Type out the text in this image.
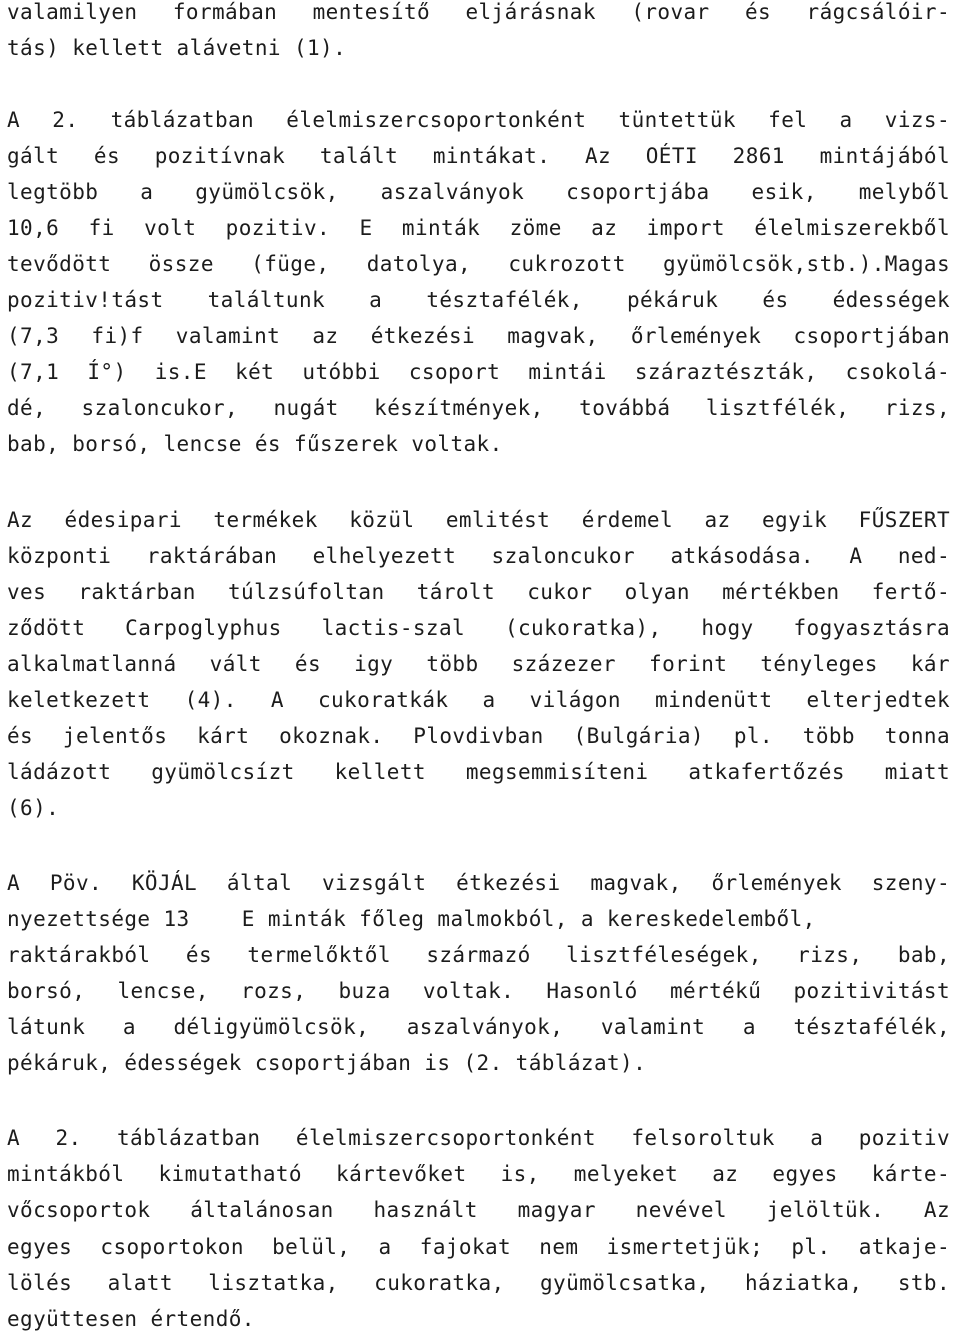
valamilyen formában mentesítő eljárásnak (rovar és rágcsálóir-
tás) kellett alávetni (1).
A 2. táblázatban élelmiszercsoportonként tüntettük fel a vizs-
gált és pozitívnak talált mintákat. Az OÉTI 2861 mintájából
legtöbb a gyümölcsök, aszalványok csoportjába esik, melyből
10,6 fi volt pozitiv. E minták zöme az import élelmiszerekből
tevődött össze (füge, datolya, cukrozott gyümölcsök,stb.).Magas
pozitiv!tást találtunk a tésztafélék, pékáruk és édességek
(7,3 fi)f valamint az étkezési magvak, őrlemények csoportjában
(7,1 Í°) is.E két utóbbi csoport mintái száraztészták, csokolá-
dé, szaloncukor, nugát készítmények, továbbá lisztfélék, rizs,
bab, borsó, lencse és fűszerek voltak.
Az édesipari termékek közül emlitést érdemel az egyik FŰSZERT
központi raktárában elhelyezett szaloncukor atkásodása. A ned-
ves raktárban túlzsúfoltan tárolt cukor olyan mértékben fertő-
ződött Carpoglyphus lactis-szal (cukoratka), hogy fogyasztásra
alkalmatlanná vált és igy több százezer forint tényleges kár
keletkezett (4). A cukoratkák a világon mindenütt elterjedtek
és jelentős kárt okoznak. Plovdivban (Bulgária) pl. több tonna
ládázott gyümölcsízt kellett megsemmisíteni atkafertőzés miatt
(6).
A Pöv. KÖJÁL által vizsgált étkezési magvak, őrlemények szeny-
nyezettsége 13    E minták főleg malmokból, a kereskedelemből,
raktárakból és termelőktől származó lisztféleségek, rizs, bab,
borsó, lencse, rozs, buza voltak. Hasonló mértékű pozitivitást
látunk a déligyümölcsök, aszalványok, valamint a tésztafélék,
pékáruk, édességek csoportjában is (2. táblázat).
A 2. táblázatban élelmiszercsoportonként felsoroltuk a pozitiv
mintákból kimutatható kártevőket is, melyeket az egyes kárte-
vőcsoportok általánosan használt magyar nevével jelöltük. Az
egyes csoportokon belül, a fajokat nem ismertetjük; pl. atkajе-
lölés alatt lisztatka, cukoratka, gyümölcsatka, háziatka, stb.
együttesen értendő.
